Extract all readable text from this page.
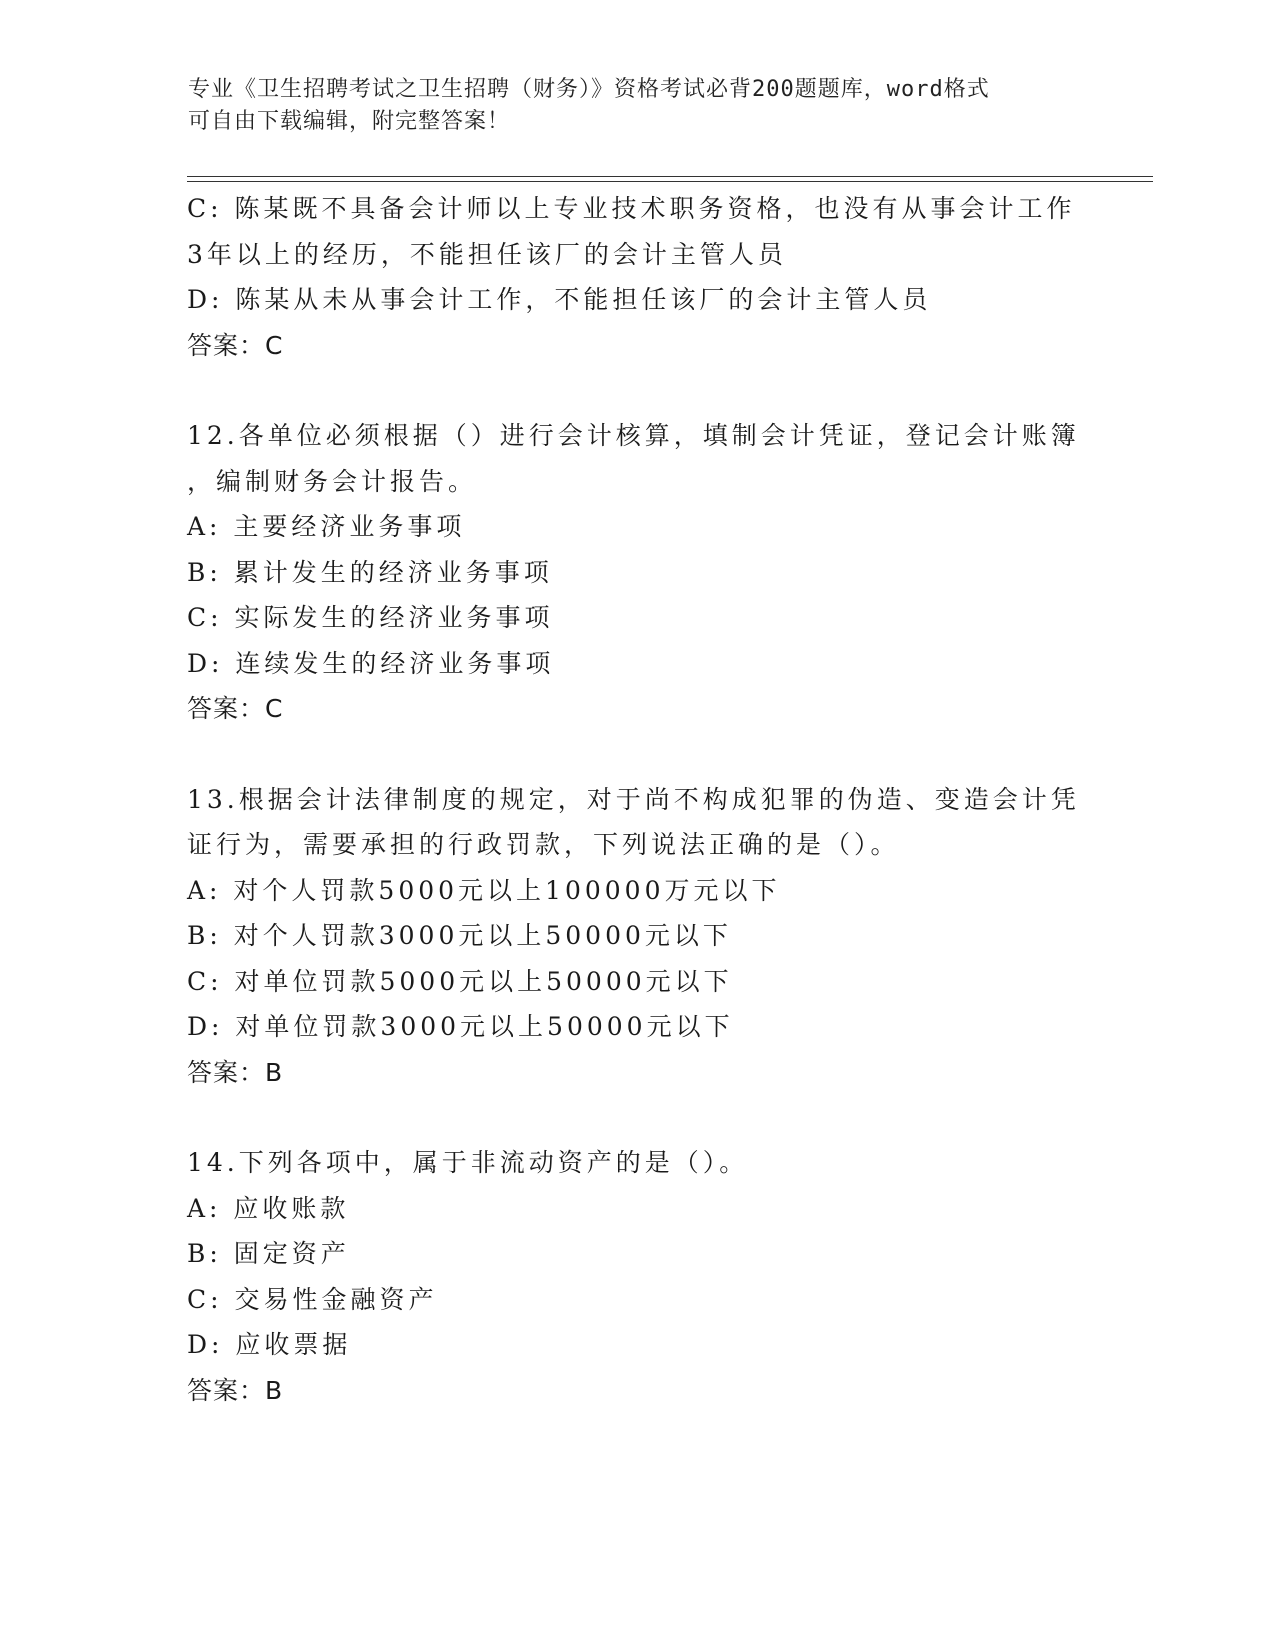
专业《卫生招聘考试之卫生招聘（财务）》资格考试必背200题题库，word格式
可自由下载编辑，附完整答案！
C: 陈某既不具备会计师以上专业技术职务资格，也没有从事会计工作
3年以上的经历，不能担任该厂的会计主管人员
D: 陈某从未从事会计工作，不能担任该厂的会计主管人员
答案：C
12.各单位必须根据（）进行会计核算，填制会计凭证，登记会计账簿
，编制财务会计报告。
A: 主要经济业务事项
B: 累计发生的经济业务事项
C: 实际发生的经济业务事项
D: 连续发生的经济业务事项
答案：C
13.根据会计法律制度的规定，对于尚不构成犯罪的伪造、变造会计凭
证行为，需要承担的行政罚款，下列说法正确的是（）。
A: 对个人罚款5000元以上100000万元以下
B: 对个人罚款3000元以上50000元以下
C: 对单位罚款5000元以上50000元以下
D: 对单位罚款3000元以上50000元以下
答案：B
14.下列各项中，属于非流动资产的是（）。
A: 应收账款
B: 固定资产
C: 交易性金融资产
D: 应收票据
答案：B
